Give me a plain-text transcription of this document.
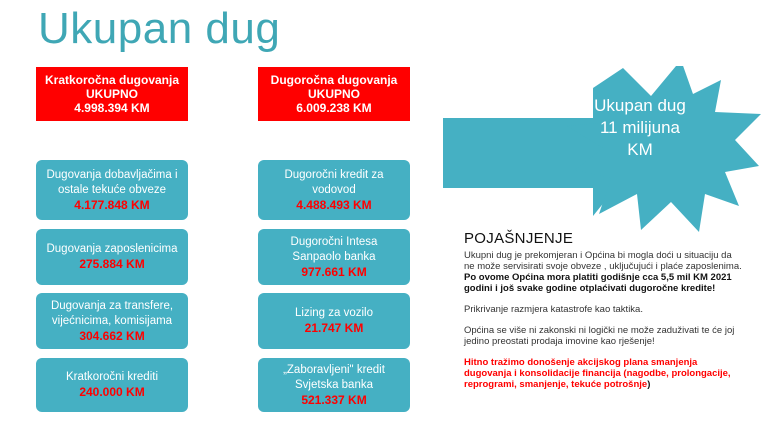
Ukupan dug
Kratkoročna dugovanja
UKUPNO
4.998.394 KM
Dugoročna dugovanja
UKUPNO
6.009.238 KM
Dugovanja dobavljačima i
ostale tekuće obveze
4.177.848 KM
Dugovanja zaposlenicima
275.884 KM
Dugovanja za transfere,
vijećnicima, komisijama
304.662 KM
Kratkoročni krediti
240.000 KM
Dugoročni kredit za
vodovod
4.488.493 KM
Dugoročni Intesa
Sanpaolo banka
977.661 KM
Lizing za vozilo
21.747 KM
„Zaboravljeni" kredit
Svjetska banka
521.337 KM
Ukupan dug
11 milijuna
KM
POJAŠNJENJE

Ukupni dug je prekomjeran i Općina bi mogla doći u situaciju da ne može servisirati svoje obveze , uključujući i plaće zaposlenima. Po ovome Općina mora platiti godišnje cca 5,5 mil KM 2021 godini i još svake godine otplaćivati dugoročne kredite!

Prikrivanje razmjera katastrofe kao taktika.

Općina se više ni zakonski ni logički ne može zaduživati te će joj jedino preostati prodaja imovine kao rješenje!

Hitno tražimo donošenje akcijskog plana smanjenja dugovanja i konsolidacije financija (nagodbe, prolongacije, reprogrami, smanjenje, tekuće potrošnje)
